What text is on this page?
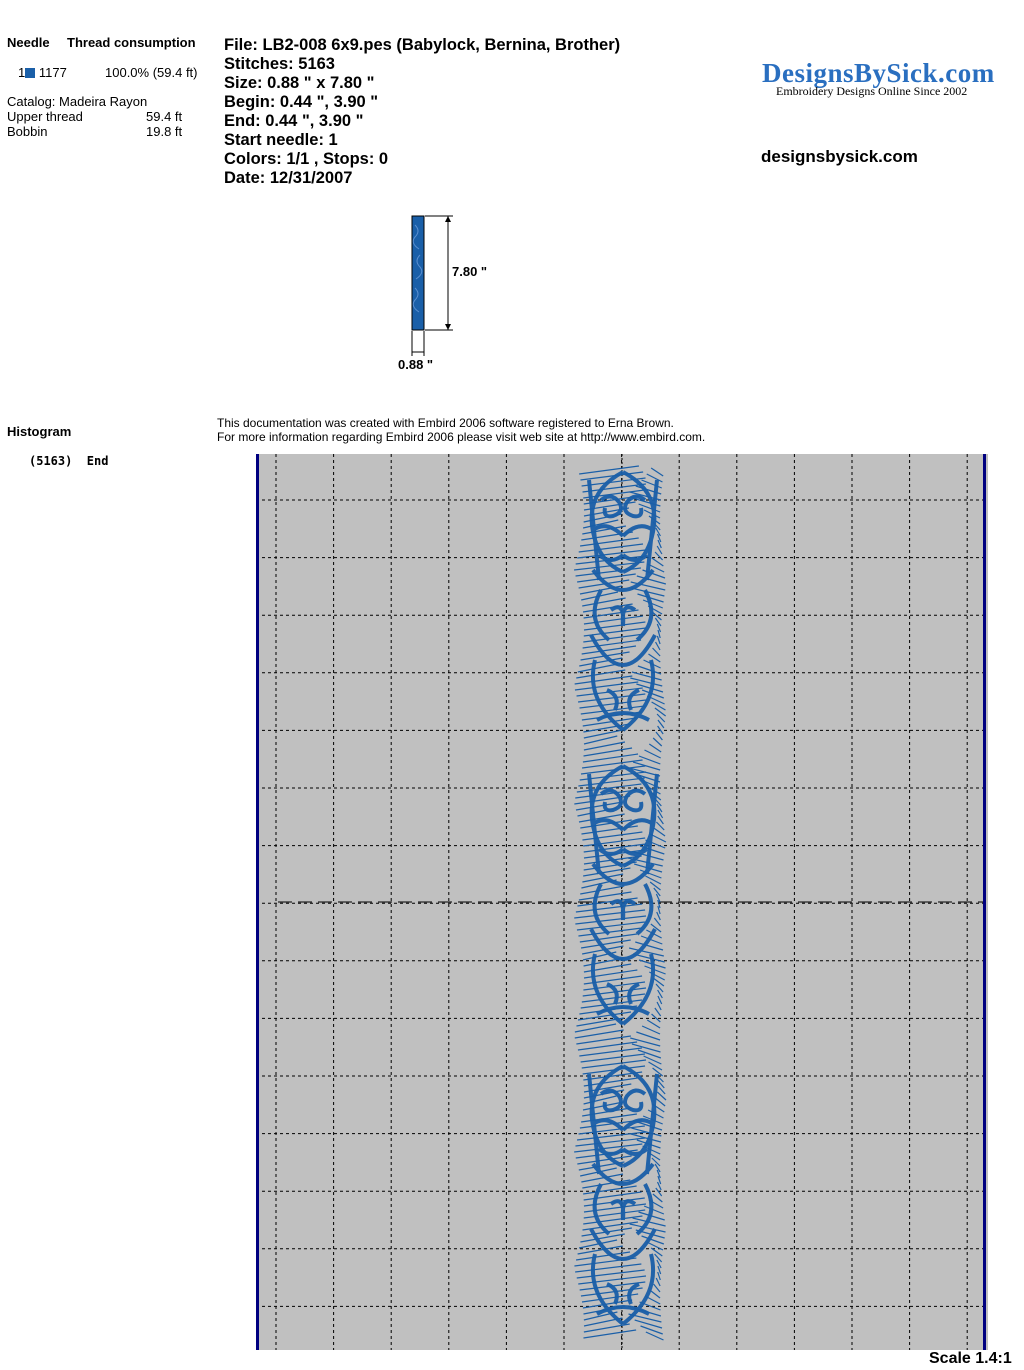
Needle Thread consumption
1 1177	100.0% (59.4 ft)
Catalog: Madeira Rayon
Upper thread	59.4 ft
Bobbin	19.8 ft
File: LB2-008 6x9.pes (Babylock, Bernina, Brother)
Stitches: 5163
Size: 0.88 " x 7.80 "
Begin: 0.44 ", 3.90 "
End: 0.44 ", 3.90 "
Start needle: 1
Colors: 1/1 , Stops: 0
Date: 12/31/2007
DesignsBySick.com
Embroidery Designs Online Since 2002
designsbysick.com
7.80 "
0.88 "
Histogram
(5163)  End
This documentation was created with Embird 2006 software registered to Erna Brown.
For more information regarding Embird 2006 please visit web site at http://www.embird.com.
Scale 1.4:1
